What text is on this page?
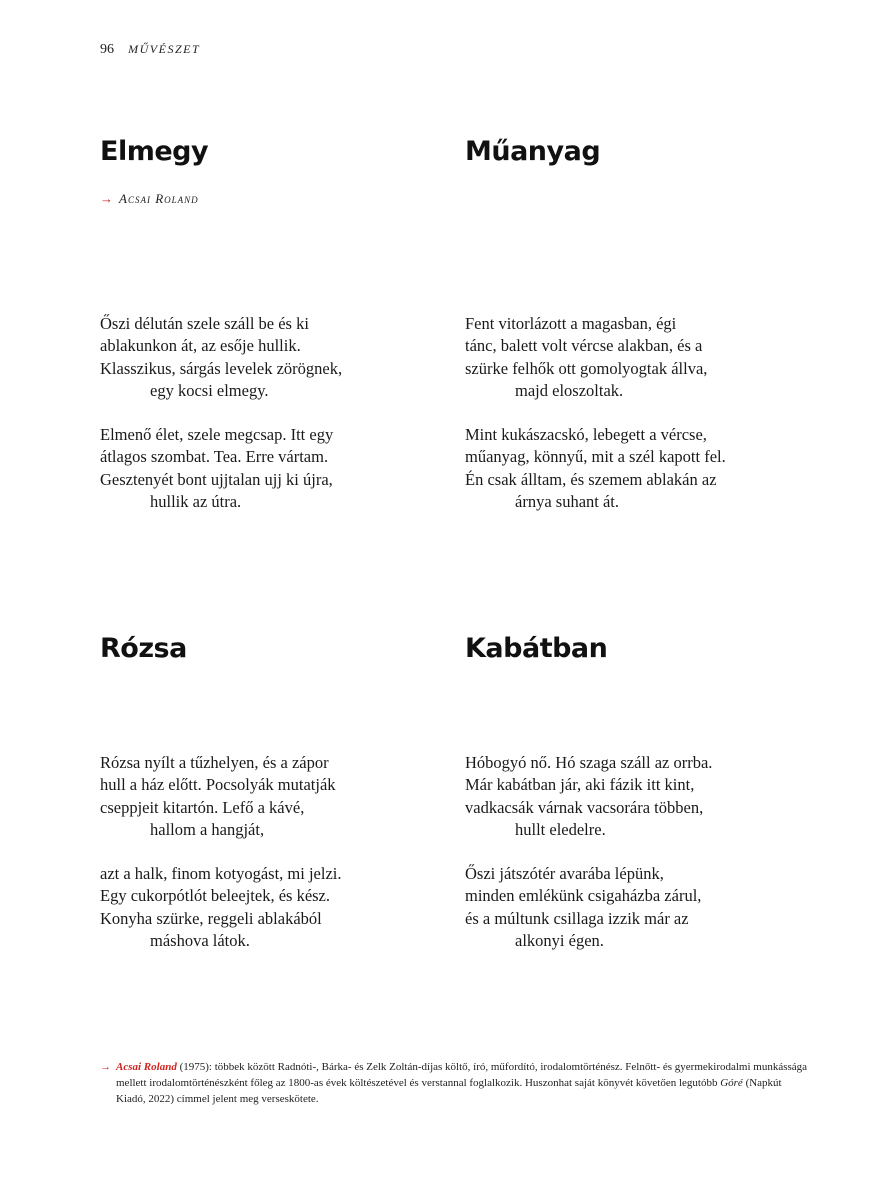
96 MŰVÉSZET
Elmegy
→ Acsai Roland
Őszi délután szele száll be és ki
ablakunkon át, az esője hullik.
Klasszikus, sárgás levelek zörögnek,
egy kocsi elmegy.
Elmenő élet, szele megcsap. Itt egy
átlagos szombat. Tea. Erre vártam.
Gesztenyét bont ujjtalan ujj ki újra,
hullik az útra.
Műanyag
Fent vitorlázott a magasban, égi
tánc, balett volt vércse alakban, és a
szürke felhők ott gomolyogtak állva,
majd eloszoltak.
Mint kukászacskó, lebegett a vércse,
műanyag, könnyű, mit a szél kapott fel.
Én csak álltam, és szemem ablakán az
árnya suhant át.
Rózsa
Rózsa nyílt a tűzhelyen, és a zápor
hull a ház előtt. Pocsolyák mutatják
cseppjeit kitartón. Lefő a kávé,
hallom a hangját,
azt a halk, finom kotyogást, mi jelzi.
Egy cukorpótlót beleejtek, és kész.
Konyha szürke, reggeli ablakából
máshova látok.
Kabátban
Hóbogyó nő. Hó szaga száll az orrba.
Már kabátban jár, aki fázik itt kint,
vadkacsák várnak vacsorára többen,
hullt eledelre.
Őszi játszótér avarába lépünk,
minden emlékünk csigaházba zárul,
és a múltunk csillaga izzik már az
alkonyi égen.
→ Acsai Roland (1975): többek között Radnóti-, Bárka- és Zelk Zoltán-díjas költő, író, műfordító, irodalomtörténész. Felnőtt- és gyermekirodalmi munkássága mellett irodalomtörténészként főleg az 1800-as évek költészetével és verstannal foglalkozik. Huszonhat saját könyvét követően legutóbb Góré (Napkút Kiadó, 2022) címmel jelent meg verseskötete.
